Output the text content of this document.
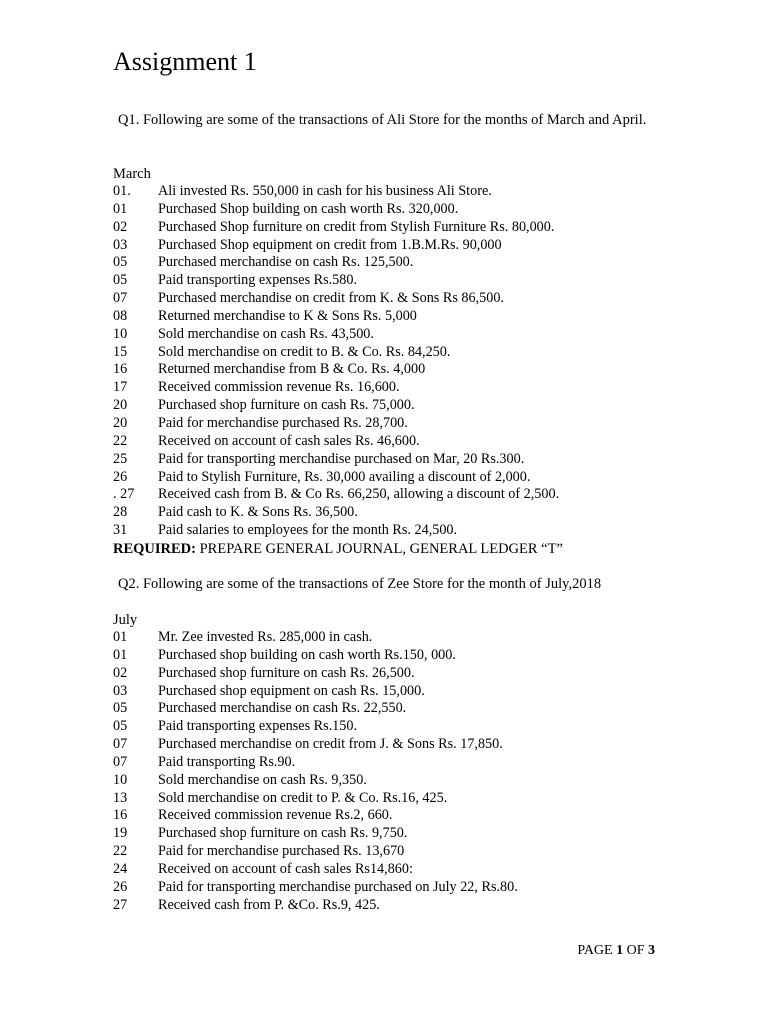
Assignment 1

Q1. Following are some of the transactions of Ali Store for the months of March and April.

March
01.	Ali invested Rs. 550,000 in cash for his business Ali Store.
01	Purchased Shop building on cash worth Rs. 320,000.
02	Purchased Shop furniture on credit from Stylish Furniture Rs. 80,000.
03	Purchased Shop equipment on credit from 1.B.M.Rs. 90,000
05	Purchased merchandise on cash Rs. 125,500.
05	Paid transporting expenses Rs.580.
07	Purchased merchandise on credit from K. & Sons Rs 86,500.
08	Returned merchandise to K & Sons Rs. 5,000
10	Sold merchandise on cash Rs. 43,500.
15	Sold merchandise on credit to B. & Co. Rs. 84,250.
16	Returned merchandise from B & Co. Rs. 4,000
17	Received commission revenue Rs. 16,600.
20	Purchased shop furniture on cash Rs. 75,000.
20	Paid for merchandise purchased Rs. 28,700.
22	Received on account of cash sales Rs. 46,600.
25	Paid for transporting merchandise purchased on Mar, 20 Rs.300.
26	Paid to Stylish Furniture, Rs. 30,000 availing a discount of 2,000.
. 27	Received cash from B. & Co Rs. 66,250, allowing a discount of 2,500.
28	Paid cash to K. & Sons Rs. 36,500.
31	Paid salaries to employees for the month Rs. 24,500.
REQUIRED: PREPARE GENERAL JOURNAL, GENERAL LEDGER “T”

Q2. Following are some of the transactions of Zee Store for the month of July,2018

July
01	Mr. Zee invested Rs. 285,000 in cash.
01	Purchased shop building on cash worth Rs.150, 000.
02	Purchased shop furniture on cash Rs. 26,500.
03	Purchased shop equipment on cash Rs. 15,000.
05	Purchased merchandise on cash Rs. 22,550.
05	Paid transporting expenses Rs.150.
07	Purchased merchandise on credit from J. & Sons Rs. 17,850.
07	Paid transporting Rs.90.
10	Sold merchandise on cash Rs. 9,350.
13	Sold merchandise on credit to P. & Co. Rs.16, 425.
16	Received commission revenue Rs.2, 660.
19	Purchased shop furniture on cash Rs. 9,750.
22	Paid for merchandise purchased Rs. 13,670
24	Received on account of cash sales Rs14,860:
26	Paid for transporting merchandise purchased on July 22, Rs.80.
27	Received cash from P. &Co. Rs.9, 425.
PAGE 1 OF 3
